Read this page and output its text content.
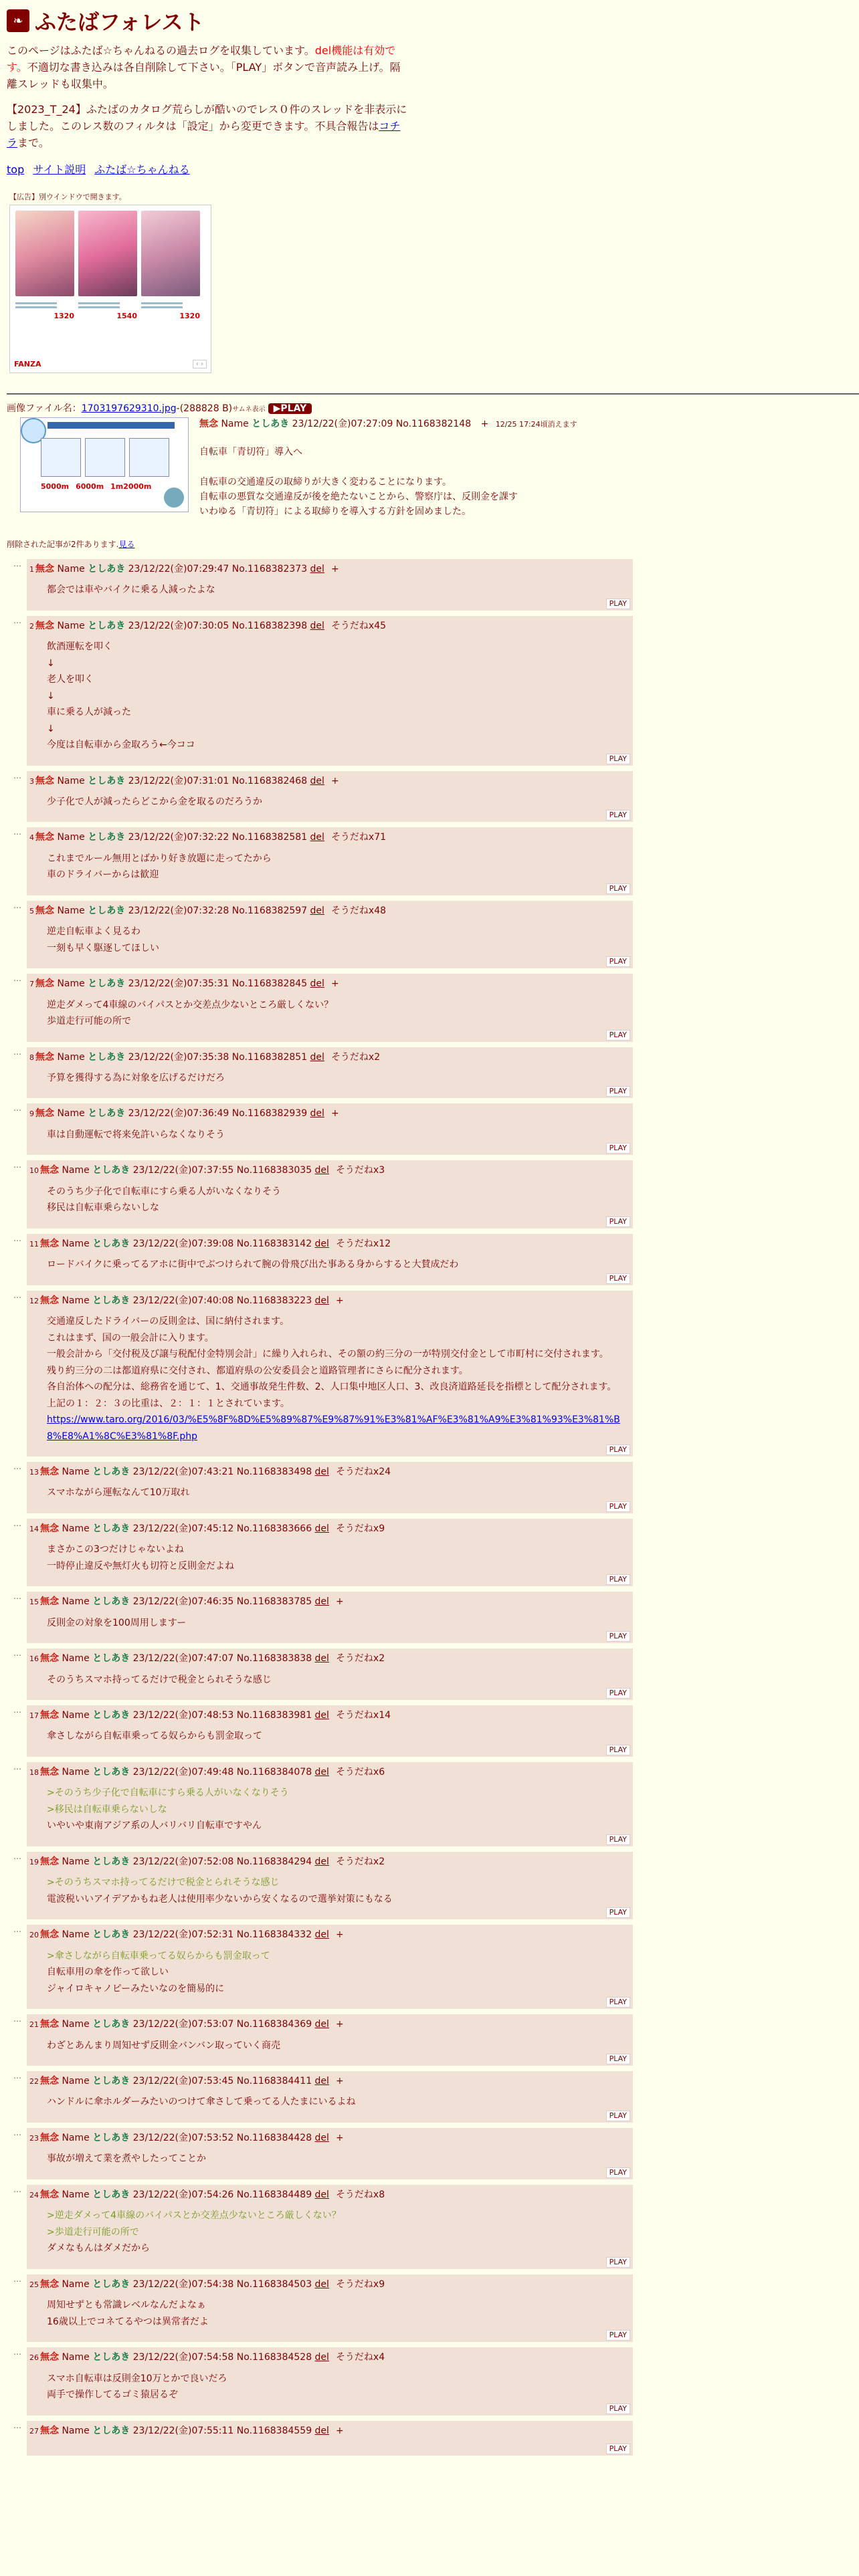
❧ ふたばフォレスト

このページはふたば☆ちゃんねるの過去ログを収集しています。del機能は有効です。不適切な書き込みは各自削除して下さい。「PLAY」ボタンで音声読み上げ。隔離スレッドも収集中。

【2023_T_24】ふたばのカタログ荒らしが酷いのでレス０件のスレッドを非表示にしました。このレス数のフィルタは「設定」から変更できます。不具合報告はコチラまで。

top サイト説明 ふたば☆ちゃんねる
【広告】別ウインドウで開きます。
1320	1540	1320
FANZA	‹ ›
画像ファイル名：1703197629310.jpg-(288828 B)サムネ表示 ▶PLAY
5000m 6000m 1m2000m
無念 Name としあき 23/12/22(金)07:27:09 No.1168382148 + 12/25 17:24頃消えます
自転車「青切符」導入へ
自転車の交通違反の取締りが大きく変わることになります。
自転車の悪質な交通違反が後を絶たないことから、警察庁は、反則金を課す
いわゆる「青切符」による取締りを導入する方針を固めました。
削除された記事が2件あります.見る
…
1 無念 Name としあき 23/12/22(金)07:29:47 No.1168382373 del +
都会では車やバイクに乗る人減ったよな
PLAY
…
2 無念 Name としあき 23/12/22(金)07:30:05 No.1168382398 del そうだねx45
飲酒運転を叩く
↓
老人を叩く
↓
車に乗る人が減った
↓
今度は自転車から金取ろう←今ココ
PLAY
…
3 無念 Name としあき 23/12/22(金)07:31:01 No.1168382468 del +
少子化で人が減ったらどこから金を取るのだろうか
PLAY
…
4 無念 Name としあき 23/12/22(金)07:32:22 No.1168382581 del そうだねx71
これまでルール無用とばかり好き放題に走ってたから
車のドライバーからは歓迎
PLAY
…
5 無念 Name としあき 23/12/22(金)07:32:28 No.1168382597 del そうだねx48
逆走自転車よく見るわ
一刻も早く駆逐してほしい
PLAY
…
7 無念 Name としあき 23/12/22(金)07:35:31 No.1168382845 del +
逆走ダメって4車線のバイパスとか交差点少ないところ厳しくない？
歩道走行可能の所で
PLAY
…
8 無念 Name としあき 23/12/22(金)07:35:38 No.1168382851 del そうだねx2
予算を獲得する為に対象を広げるだけだろ
PLAY
…
9 無念 Name としあき 23/12/22(金)07:36:49 No.1168382939 del +
車は自動運転で将来免許いらなくなりそう
PLAY
…
10 無念 Name としあき 23/12/22(金)07:37:55 No.1168383035 del そうだねx3
そのうち少子化で自転車にすら乗る人がいなくなりそう
移民は自転車乗らないしな
PLAY
…
11 無念 Name としあき 23/12/22(金)07:39:08 No.1168383142 del そうだねx12
ロードバイクに乗ってるアホに街中でぶつけられて腕の骨飛び出た事ある身からすると大賛成だわ
PLAY
…
12 無念 Name としあき 23/12/22(金)07:40:08 No.1168383223 del +
交通違反したドライバーの反則金は、国に納付されます。
これはまず、国の一般会計に入ります。
一般会計から「交付税及び譲与税配付金特別会計」に繰り入れられ、その額の約三分の一が特別交付金として市町村に交付されます。
残り約三分の二は都道府県に交付され、都道府県の公安委員会と道路管理者にさらに配分されます。
各自治体への配分は、総務省を通じて、1、交通事故発生件数、2、人口集中地区人口、3、改良済道路延長を指標として配分されます。
上記の１：２：３の比重は、２：１：１とされています。
https://www.taro.org/2016/03/%E5%8F%8D%E5%89%87%E9%87%91%E3%81%AF%E3%81%A9%E3%81%93%E3%81%B8%E8%A1%8C%E3%81%8F.php
PLAY
…
13 無念 Name としあき 23/12/22(金)07:43:21 No.1168383498 del そうだねx24
スマホながら運転なんて10万取れ
PLAY
…
14 無念 Name としあき 23/12/22(金)07:45:12 No.1168383666 del そうだねx9
まさかこの3つだけじゃないよね
一時停止違反や無灯火も切符と反則金だよね
PLAY
…
15 無念 Name としあき 23/12/22(金)07:46:35 No.1168383785 del +
反則金の対象を100周用しますー
PLAY
…
16 無念 Name としあき 23/12/22(金)07:47:07 No.1168383838 del そうだねx2
そのうちスマホ持ってるだけで税金とられそうな感じ
PLAY
…
17 無念 Name としあき 23/12/22(金)07:48:53 No.1168383981 del そうだねx14
傘さしながら自転車乗ってる奴らからも罰金取って
PLAY
…
18 無念 Name としあき 23/12/22(金)07:49:48 No.1168384078 del そうだねx6
>そのうち少子化で自転車にすら乗る人がいなくなりそう
>移民は自転車乗らないしな
いやいや東南アジア系の人バリバリ自転車ですやん
PLAY
…
19 無念 Name としあき 23/12/22(金)07:52:08 No.1168384294 del そうだねx2
>そのうちスマホ持ってるだけで税金とられそうな感じ
電波税いいアイデアかもね老人は使用率少ないから安くなるので選挙対策にもなる
PLAY
…
20 無念 Name としあき 23/12/22(金)07:52:31 No.1168384332 del +
>傘さしながら自転車乗ってる奴らからも罰金取って
自転車用の傘を作って欲しい
ジャイロキャノピーみたいなのを簡易的に
PLAY
…
21 無念 Name としあき 23/12/22(金)07:53:07 No.1168384369 del +
わざとあんまり周知せず反則金バンバン取っていく商売
PLAY
…
22 無念 Name としあき 23/12/22(金)07:53:45 No.1168384411 del +
ハンドルに傘ホルダーみたいのつけて傘さして乗ってる人たまにいるよね
PLAY
…
23 無念 Name としあき 23/12/22(金)07:53:52 No.1168384428 del +
事故が増えて業を煮やしたってことか
PLAY
…
24 無念 Name としあき 23/12/22(金)07:54:26 No.1168384489 del そうだねx8
>逆走ダメって4車線のバイパスとか交差点少ないところ厳しくない？
>歩道走行可能の所で
ダメなもんはダメだから
PLAY
…
25 無念 Name としあき 23/12/22(金)07:54:38 No.1168384503 del そうだねx9
周知せずとも常識レベルなんだよなぁ
16歳以上でコネてるやつは異常者だよ
PLAY
…
26 無念 Name としあき 23/12/22(金)07:54:58 No.1168384528 del そうだねx4
スマホ自転車は反則金10万とかで良いだろ
両手で操作してるゴミ猿居るぞ
PLAY
…
27 無念 Name としあき 23/12/22(金)07:55:11 No.1168384559 del +
PLAY
